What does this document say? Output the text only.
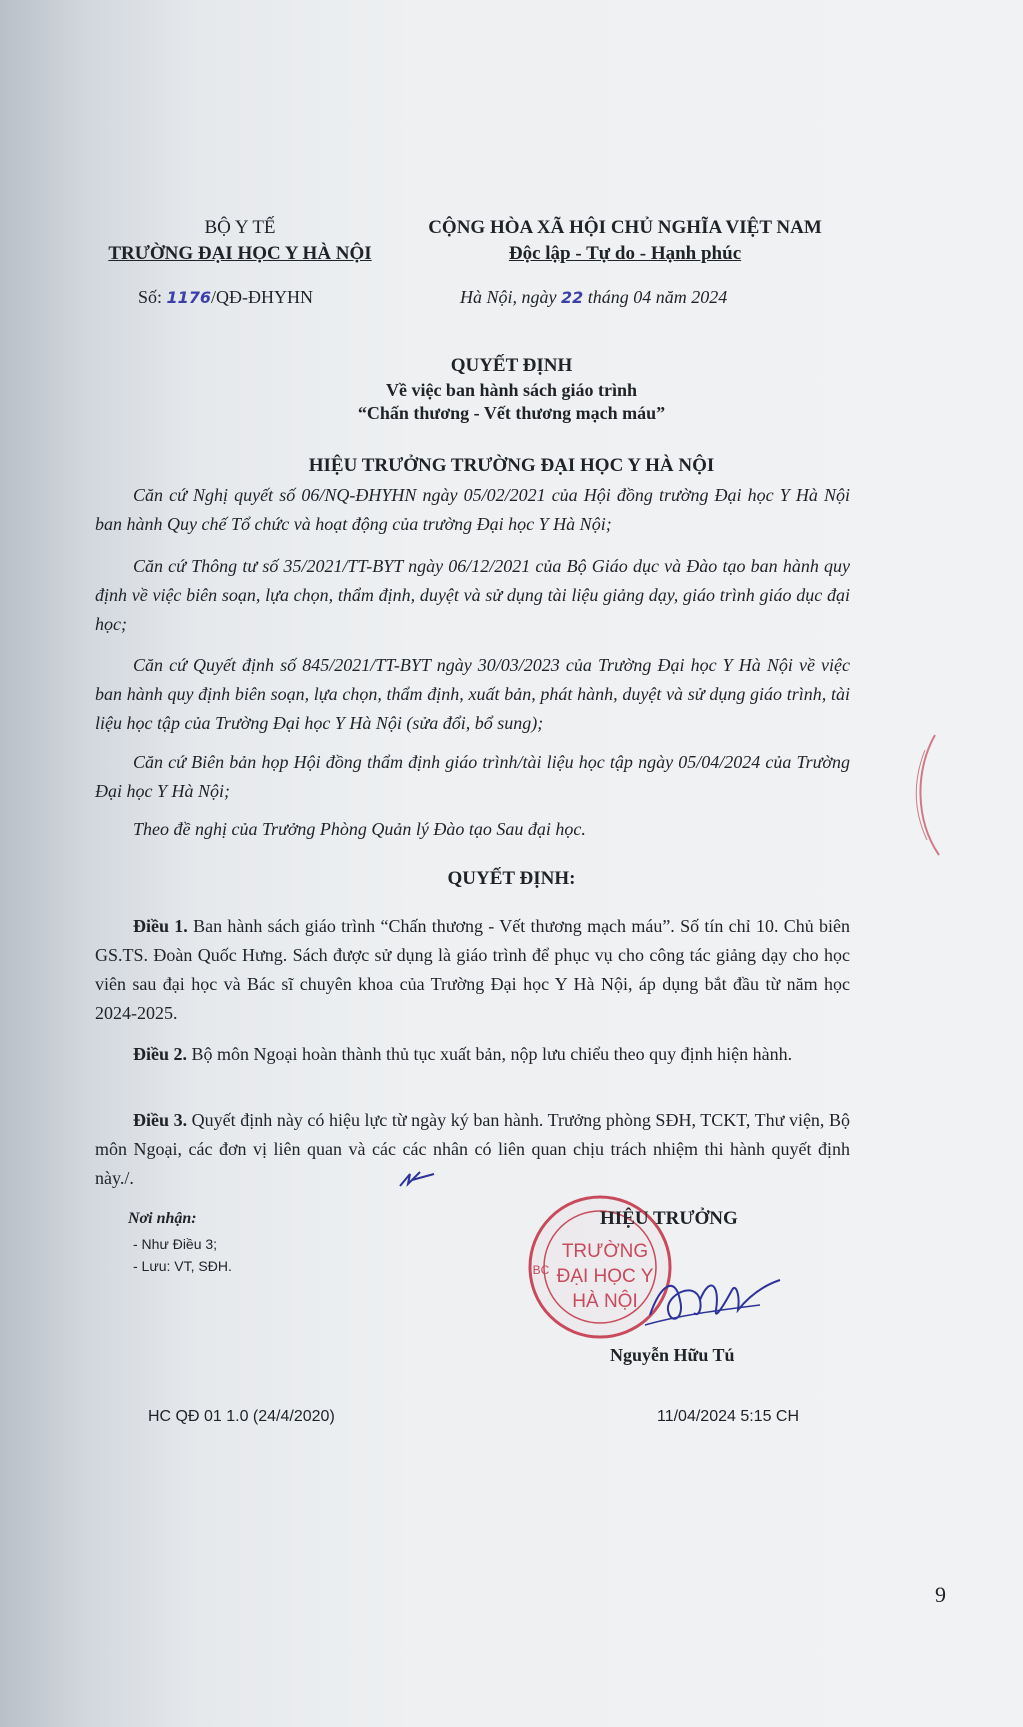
BỘ Y TẾ
TRƯỜNG ĐẠI HỌC Y HÀ NỘI
CỘNG HÒA XÃ HỘI CHỦ NGHĨA VIỆT NAM
Độc lập - Tự do - Hạnh phúc
Số: 1176/QĐ-ĐHYHN	Hà Nội, ngày 22 tháng 04 năm 2024
QUYẾT ĐỊNH
Về việc ban hành sách giáo trình
“Chấn thương - Vết thương mạch máu”
HIỆU TRƯỞNG TRƯỜNG ĐẠI HỌC Y HÀ NỘI
Căn cứ Nghị quyết số 06/NQ-ĐHYHN ngày 05/02/2021 của Hội đồng trường Đại học Y Hà Nội ban hành Quy chế Tổ chức và hoạt động của trường Đại học Y Hà Nội;
Căn cứ Thông tư số 35/2021/TT-BYT ngày 06/12/2021 của Bộ Giáo dục và Đào tạo ban hành quy định về việc biên soạn, lựa chọn, thẩm định, duyệt và sử dụng tài liệu giảng dạy, giáo trình giáo dục đại học;
Căn cứ Quyết định số 845/2021/TT-BYT ngày 30/03/2023 của Trường Đại học Y Hà Nội về việc ban hành quy định biên soạn, lựa chọn, thẩm định, xuất bản, phát hành, duyệt và sử dụng giáo trình, tài liệu học tập của Trường Đại học Y Hà Nội (sửa đổi, bổ sung);
Căn cứ Biên bản họp Hội đồng thẩm định giáo trình/tài liệu học tập ngày 05/04/2024 của Trường Đại học Y Hà Nội;
Theo đề nghị của Trưởng Phòng Quản lý Đào tạo Sau đại học.
QUYẾT ĐỊNH:
Điều 1. Ban hành sách giáo trình “Chấn thương - Vết thương mạch máu”. Số tín chỉ 10. Chủ biên GS.TS. Đoàn Quốc Hưng. Sách được sử dụng là giáo trình để phục vụ cho công tác giảng dạy cho học viên sau đại học và Bác sĩ chuyên khoa của Trường Đại học Y Hà Nội, áp dụng bắt đầu từ năm học 2024-2025.
Điều 2. Bộ môn Ngoại hoàn thành thủ tục xuất bản, nộp lưu chiểu theo quy định hiện hành.
Điều 3. Quyết định này có hiệu lực từ ngày ký ban hành. Trưởng phòng SĐH, TCKT, Thư viện, Bộ môn Ngoại, các đơn vị liên quan và các các nhân có liên quan chịu trách nhiệm thi hành quyết định này./.
Nơi nhận:
- Như Điều 3;
- Lưu: VT, SĐH.
TRƯỜNG
ĐẠI HỌC Y
HÀ NỘI
BC
HIỆU TRƯỞNG
Nguyễn Hữu Tú
HC QĐ 01 1.0 (24/4/2020)	11/04/2024 5:15 CH
9
